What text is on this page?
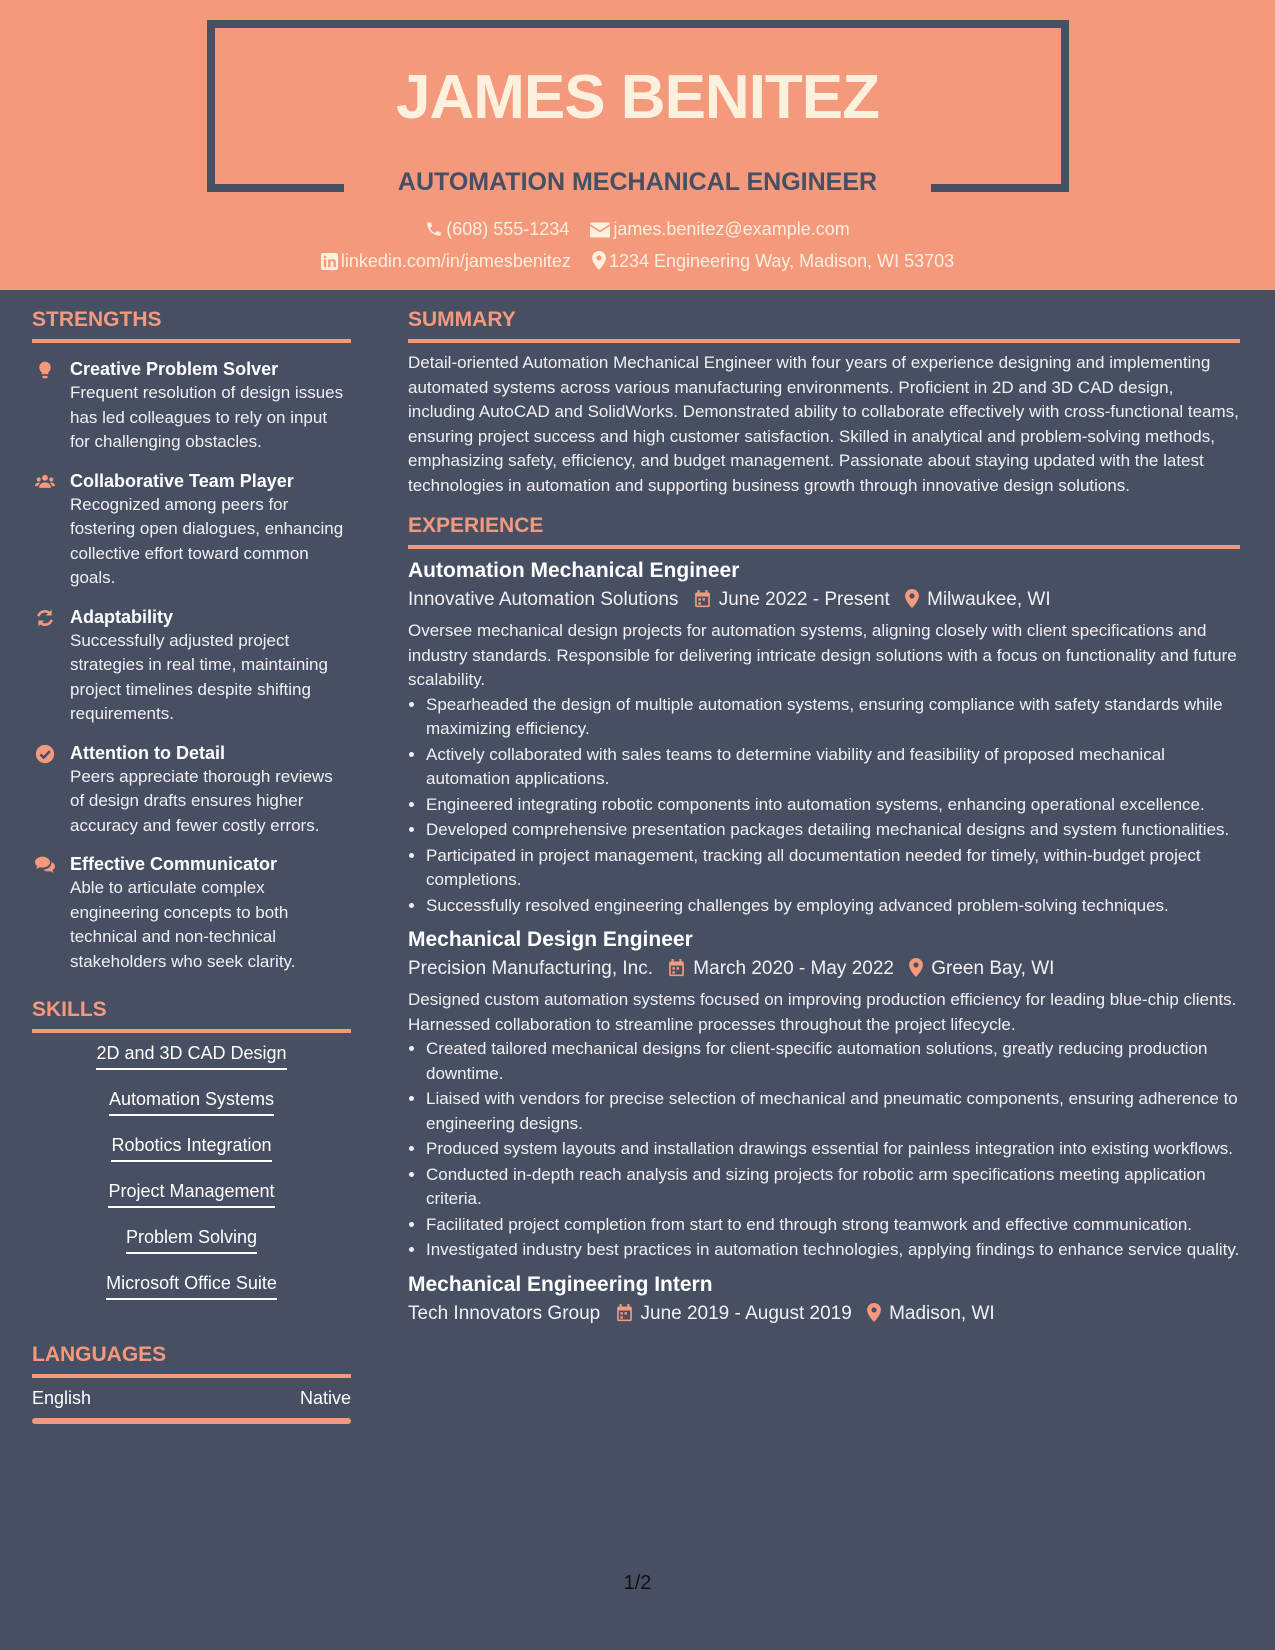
JAMES BENITEZ
AUTOMATION MECHANICAL ENGINEER
(608) 555-1234 james.benitez@example.com
linkedin.com/in/jamesbenitez 1234 Engineering Way, Madison, WI 53703
STRENGTHS
Creative Problem Solver
Frequent resolution of design issues has led colleagues to rely on input for challenging obstacles.
Collaborative Team Player
Recognized among peers for fostering open dialogues, enhancing collective effort toward common goals.
Adaptability
Successfully adjusted project strategies in real time, maintaining project timelines despite shifting requirements.
Attention to Detail
Peers appreciate thorough reviews of design drafts ensures higher accuracy and fewer costly errors.
Effective Communicator
Able to articulate complex engineering concepts to both technical and non-technical stakeholders who seek clarity.
SKILLS
2D and 3D CAD Design
Automation Systems
Robotics Integration
Project Management
Problem Solving
Microsoft Office Suite
LANGUAGES
English	Native
SUMMARY

Detail-oriented Automation Mechanical Engineer with four years of experience designing and implementing automated systems across various manufacturing environments. Proficient in 2D and 3D CAD design, including AutoCAD and SolidWorks. Demonstrated ability to collaborate effectively with cross-functional teams, ensuring project success and high customer satisfaction. Skilled in analytical and problem-solving methods, emphasizing safety, efficiency, and budget management. Passionate about staying updated with the latest technologies in automation and supporting business growth through innovative design solutions.

EXPERIENCE
Automation Mechanical Engineer
Innovative Automation Solutions June 2022 - Present Milwaukee, WI

Oversee mechanical design projects for automation systems, aligning closely with client specifications and industry standards. Responsible for delivering intricate design solutions with a focus on functionality and future scalability.

• Spearheaded the design of multiple automation systems, ensuring compliance with safety standards while maximizing efficiency.
• Actively collaborated with sales teams to determine viability and feasibility of proposed mechanical automation applications.
• Engineered integrating robotic components into automation systems, enhancing operational excellence.
• Developed comprehensive presentation packages detailing mechanical designs and system functionalities.
• Participated in project management, tracking all documentation needed for timely, within-budget project completions.
• Successfully resolved engineering challenges by employing advanced problem-solving techniques.
Mechanical Design Engineer
Precision Manufacturing, Inc. March 2020 - May 2022 Green Bay, WI

Designed custom automation systems focused on improving production efficiency for leading blue-chip clients. Harnessed collaboration to streamline processes throughout the project lifecycle.

• Created tailored mechanical designs for client-specific automation solutions, greatly reducing production downtime.
• Liaised with vendors for precise selection of mechanical and pneumatic components, ensuring adherence to engineering designs.
• Produced system layouts and installation drawings essential for painless integration into existing workflows.
• Conducted in-depth reach analysis and sizing projects for robotic arm specifications meeting application criteria.
• Facilitated project completion from start to end through strong teamwork and effective communication.
• Investigated industry best practices in automation technologies, applying findings to enhance service quality.
Mechanical Engineering Intern
Tech Innovators Group June 2019 - August 2019 Madison, WI
1/2
